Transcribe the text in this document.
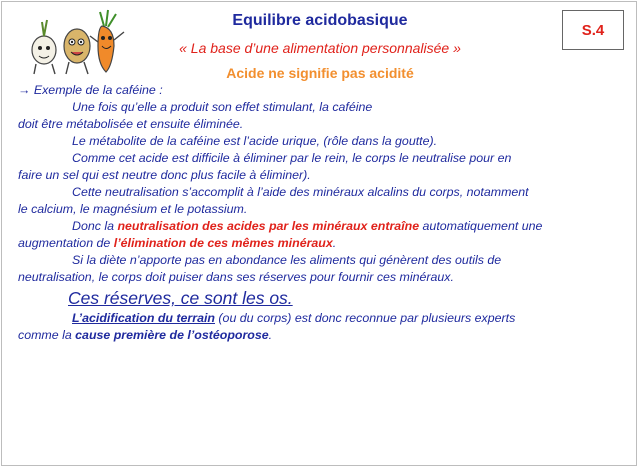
Equilibre acidobasique
« La base d’une alimentation personnalisée »
Acide ne signifie pas acidité
S.4

→ Exemple de la caféine :

Une fois qu’elle a produit son effet stimulant, la caféine

doit être métabolisée et ensuite éliminée.

Le métabolite de la caféine est l’acide urique, (rôle dans la goutte).

Comme cet acide est difficile à éliminer par le rein, le corps le neutralise pour en

faire un sel qui est neutre donc plus facile à éliminer).

Cette neutralisation s’accomplit à l’aide des minéraux alcalins du corps, notamment

le calcium, le magnésium et le potassium.

Donc la neutralisation des acides par les minéraux entraîne automatiquement une

augmentation de l’élimination de ces mêmes minéraux.

Si la diète n’apporte pas en abondance les aliments qui génèrent des outils de

neutralisation, le corps doit puiser dans ses réserves pour fournir ces minéraux.

Ces réserves, ce sont les os.

L’acidification du terrain (ou du corps) est donc reconnue par plusieurs experts

comme la cause première de l’ostéoporose.
